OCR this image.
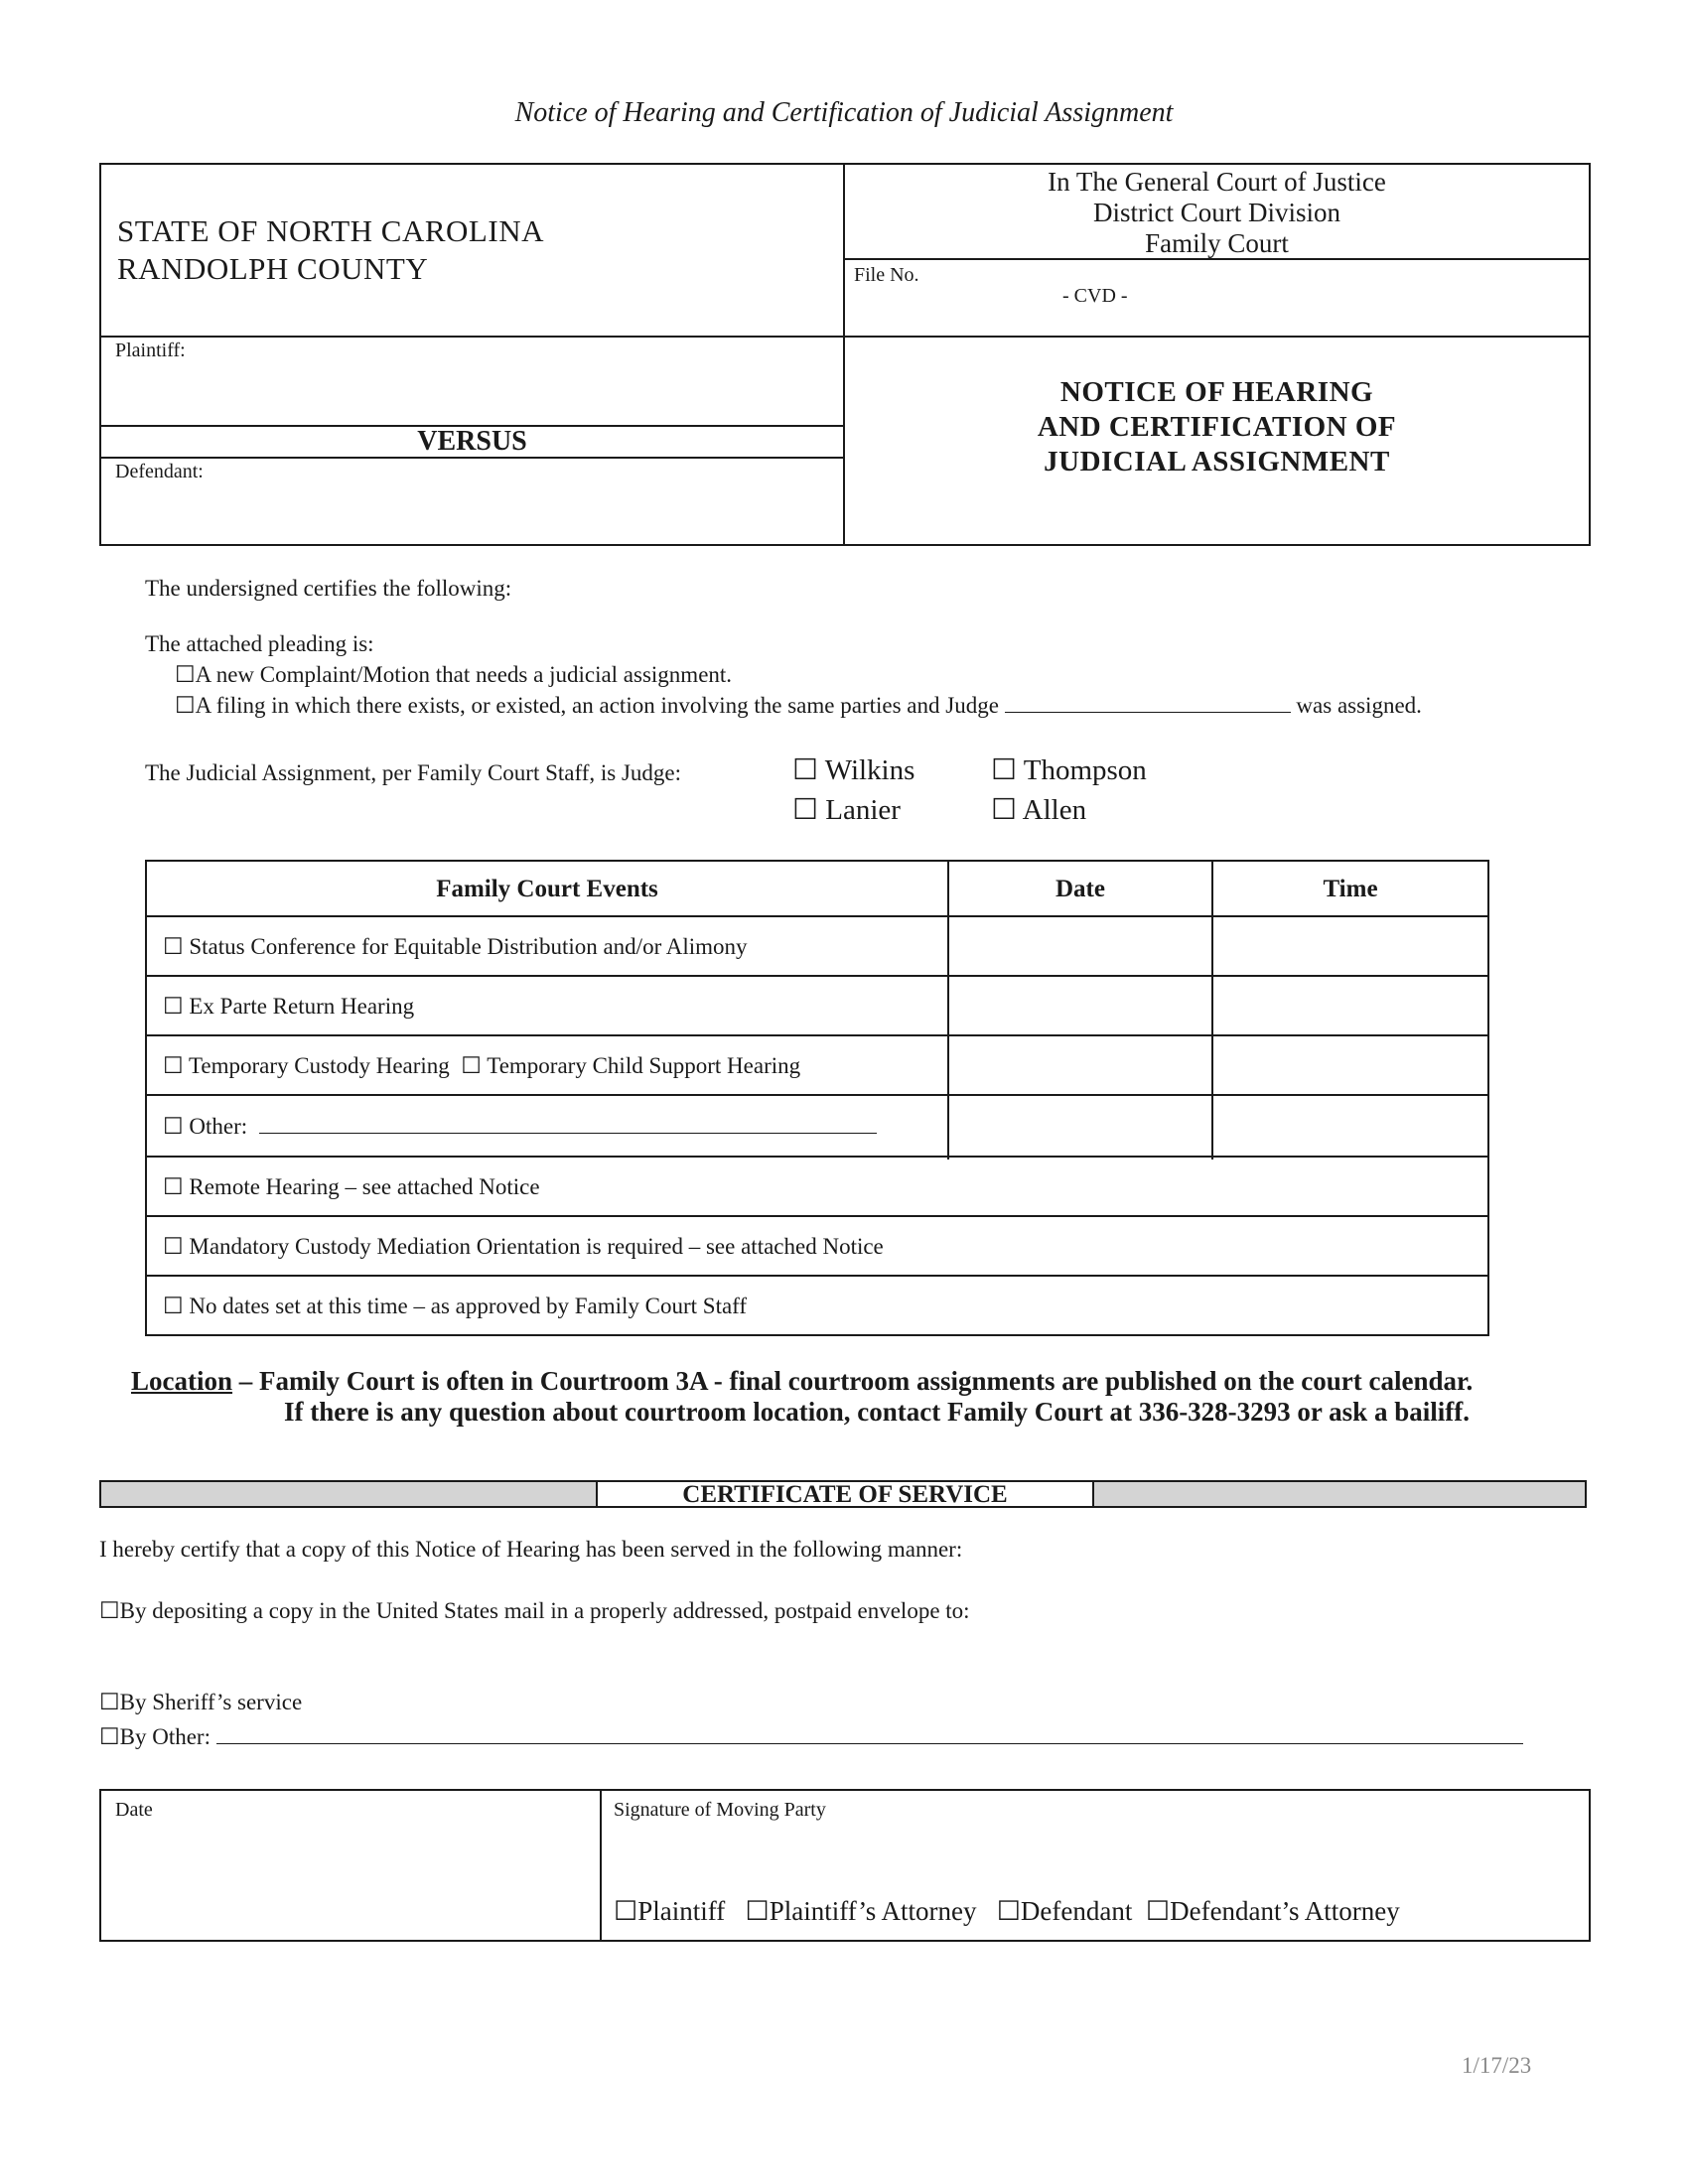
Notice of Hearing and Certification of Judicial Assignment
STATE OF NORTH CAROLINA
RANDOLPH COUNTY
In The General Court of Justice
District Court Division
Family Court
File No.
- CVD -
Plaintiff:
VERSUS
Defendant:
NOTICE OF HEARING
AND CERTIFICATION OF
JUDICIAL ASSIGNMENT
The undersigned certifies the following:
The attached pleading is:
☐A new Complaint/Motion that needs a judicial assignment.
☐A filing in which there exists, or existed, an action involving the same parties and Judge	was assigned.
The Judicial Assignment, per Family Court Staff, is Judge:	☐ Wilkins	☐ Thompson
☐ Lanier	☐ Allen
Family Court Events	Date	Time
☐ Status Conference for Equitable Distribution and/or Alimony
☐ Ex Parte Return Hearing
☐ Temporary Custody Hearing ☐ Temporary Child Support Hearing
☐ Other:
☐ Remote Hearing – see attached Notice
☐ Mandatory Custody Mediation Orientation is required – see attached Notice
☐ No dates set at this time – as approved by Family Court Staff
Location – Family Court is often in Courtroom 3A - final courtroom assignments are published on the court calendar.
If there is any question about courtroom location, contact Family Court at 336-328-3293 or ask a bailiff.
CERTIFICATE OF SERVICE
I hereby certify that a copy of this Notice of Hearing has been served in the following manner:
☐By depositing a copy in the United States mail in a properly addressed, postpaid envelope to:
☐By Sheriff’s service
☐By Other:
Date	Signature of Moving Party
☐Plaintiff ☐Plaintiff’s Attorney ☐Defendant ☐Defendant’s Attorney
1/17/23
